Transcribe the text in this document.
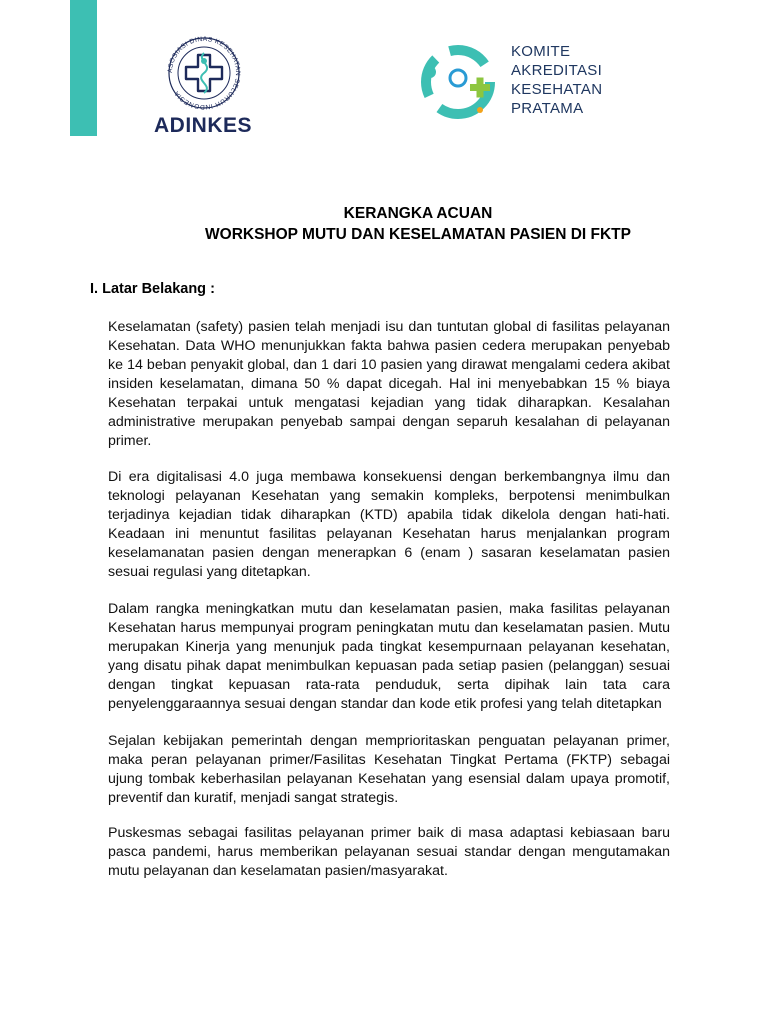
ASOSIASI DINAS KESEHATAN SELURUH INDONESIA
ADINKES
KOMITE
AKREDITASI
KESEHATAN
PRATAMA
KERANGKA ACUAN
WORKSHOP MUTU DAN KESELAMATAN PASIEN DI FKTP
I. Latar Belakang :

Keselamatan (safety) pasien telah menjadi isu dan tuntutan global di fasilitas pelayanan Kesehatan. Data WHO menunjukkan fakta bahwa pasien cedera merupakan penyebab ke 14 beban penyakit global, dan 1 dari 10 pasien yang dirawat mengalami cedera akibat insiden keselamatan, dimana 50 % dapat dicegah. Hal ini menyebabkan 15 % biaya Kesehatan terpakai untuk mengatasi kejadian yang tidak diharapkan. Kesalahan administrative merupakan penyebab sampai dengan separuh kesalahan di pelayanan primer.

Di era digitalisasi 4.0 juga membawa konsekuensi dengan berkembangnya ilmu dan teknologi pelayanan Kesehatan yang semakin kompleks, berpotensi menimbulkan terjadinya kejadian tidak diharapkan (KTD) apabila tidak dikelola dengan hati-hati. Keadaan ini menuntut fasilitas pelayanan Kesehatan harus menjalankan program keselamanatan pasien dengan menerapkan 6 (enam ) sasaran keselamatan pasien sesuai regulasi yang ditetapkan.

Dalam rangka meningkatkan mutu dan keselamatan pasien, maka fasilitas pelayanan Kesehatan harus mempunyai program peningkatan mutu dan keselamatan pasien. Mutu merupakan Kinerja yang menunjuk pada tingkat kesempurnaan pelayanan kesehatan, yang disatu pihak dapat menimbulkan kepuasan pada setiap pasien (pelanggan) sesuai dengan tingkat kepuasan rata-rata penduduk, serta dipihak lain tata cara penyelenggaraannya sesuai dengan standar dan kode etik profesi yang telah ditetapkan

Sejalan kebijakan pemerintah dengan memprioritaskan penguatan pelayanan primer, maka peran pelayanan primer/Fasilitas Kesehatan Tingkat Pertama (FKTP) sebagai ujung tombak keberhasilan pelayanan Kesehatan yang esensial dalam upaya promotif, preventif dan kuratif, menjadi sangat strategis.

Puskesmas sebagai fasilitas pelayanan primer baik di masa adaptasi kebiasaan baru pasca pandemi, harus memberikan pelayanan sesuai standar dengan mengutamakan mutu pelayanan dan keselamatan pasien/masyarakat.
